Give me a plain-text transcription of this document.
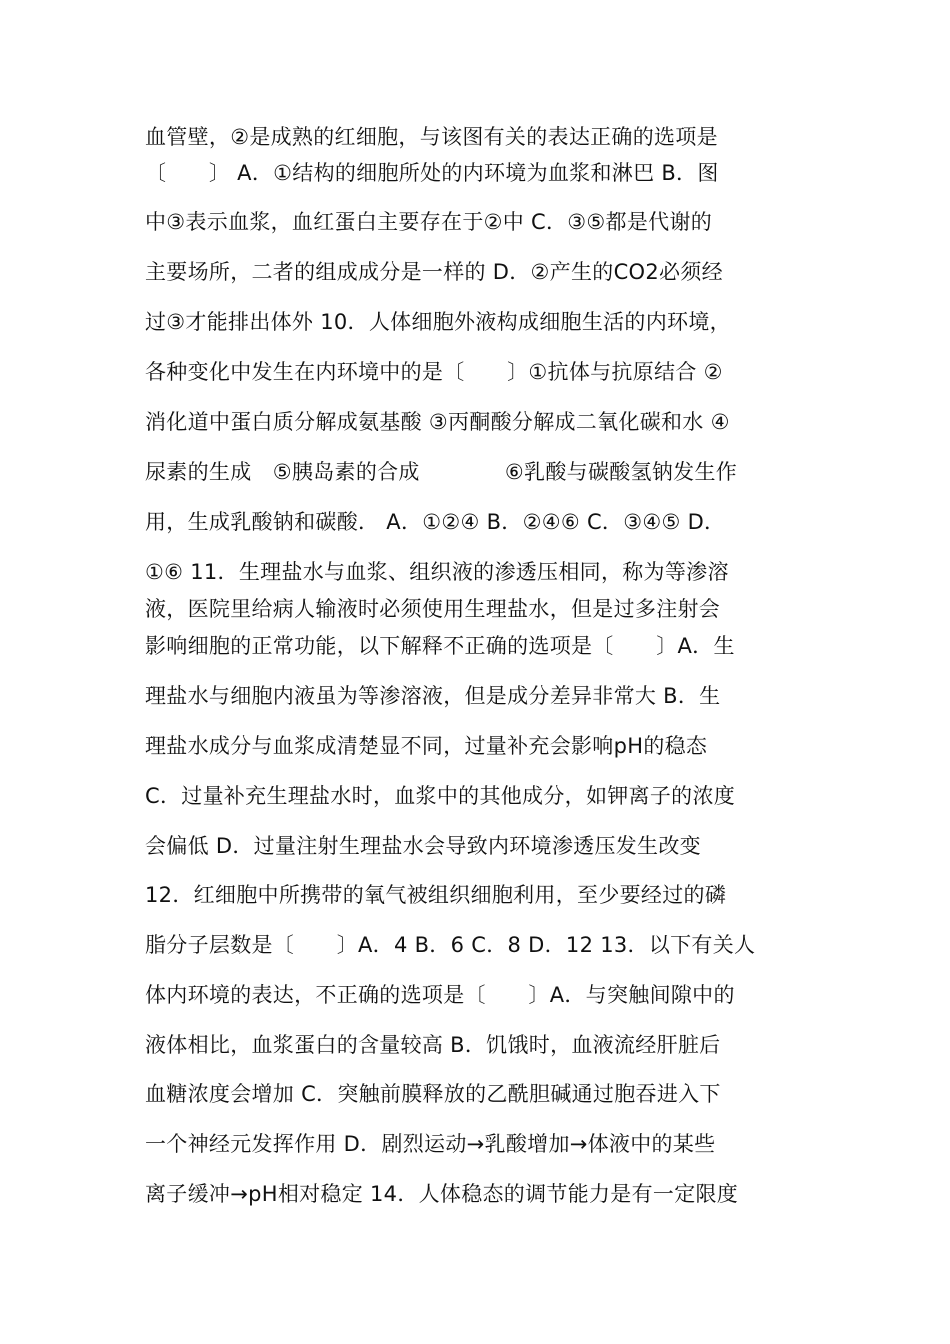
血管壁，②是成熟的红细胞，与该图有关的表达正确的选项是
〔　　〕 A．①结构的细胞所处的内环境为血浆和淋巴 B．图
中③表示血浆，血红蛋白主要存在于②中 C．③⑤都是代谢的
主要场所，二者的组成成分是一样的 D．②产生的CO2必须经
过③才能排出体外 10．人体细胞外液构成细胞生活的内环境，
各种变化中发生在内环境中的是〔　　〕①抗体与抗原结合 ②
消化道中蛋白质分解成氨基酸 ③丙酮酸分解成二氧化碳和水 ④
尿素的生成　⑤胰岛素的合成　　　　⑥乳酸与碳酸氢钠发生作
用，生成乳酸钠和碳酸． A．①②④ B．②④⑥ C．③④⑤ D．
①⑥ 11．生理盐水与血浆、组织液的渗透压相同，称为等渗溶
液，医院里给病人输液时必须使用生理盐水，但是过多注射会
影响细胞的正常功能，以下解释不正确的选项是〔　　〕A．生
理盐水与细胞内液虽为等渗溶液，但是成分差异非常大 B．生
理盐水成分与血浆成清楚显不同，过量补充会影响pH的稳态
C．过量补充生理盐水时，血浆中的其他成分，如钾离子的浓度
会偏低 D．过量注射生理盐水会导致内环境渗透压发生改变
12．红细胞中所携带的氧气被组织细胞利用，至少要经过的磷
脂分子层数是〔　　〕A．4 B．6 C．8 D．12 13．以下有关人
体内环境的表达，不正确的选项是〔　　〕A．与突触间隙中的
液体相比，血浆蛋白的含量较高 B．饥饿时，血液流经肝脏后
血糖浓度会增加 C．突触前膜释放的乙酰胆碱通过胞吞进入下
一个神经元发挥作用 D．剧烈运动→乳酸增加→体液中的某些
离子缓冲→pH相对稳定 14．人体稳态的调节能力是有一定限度
